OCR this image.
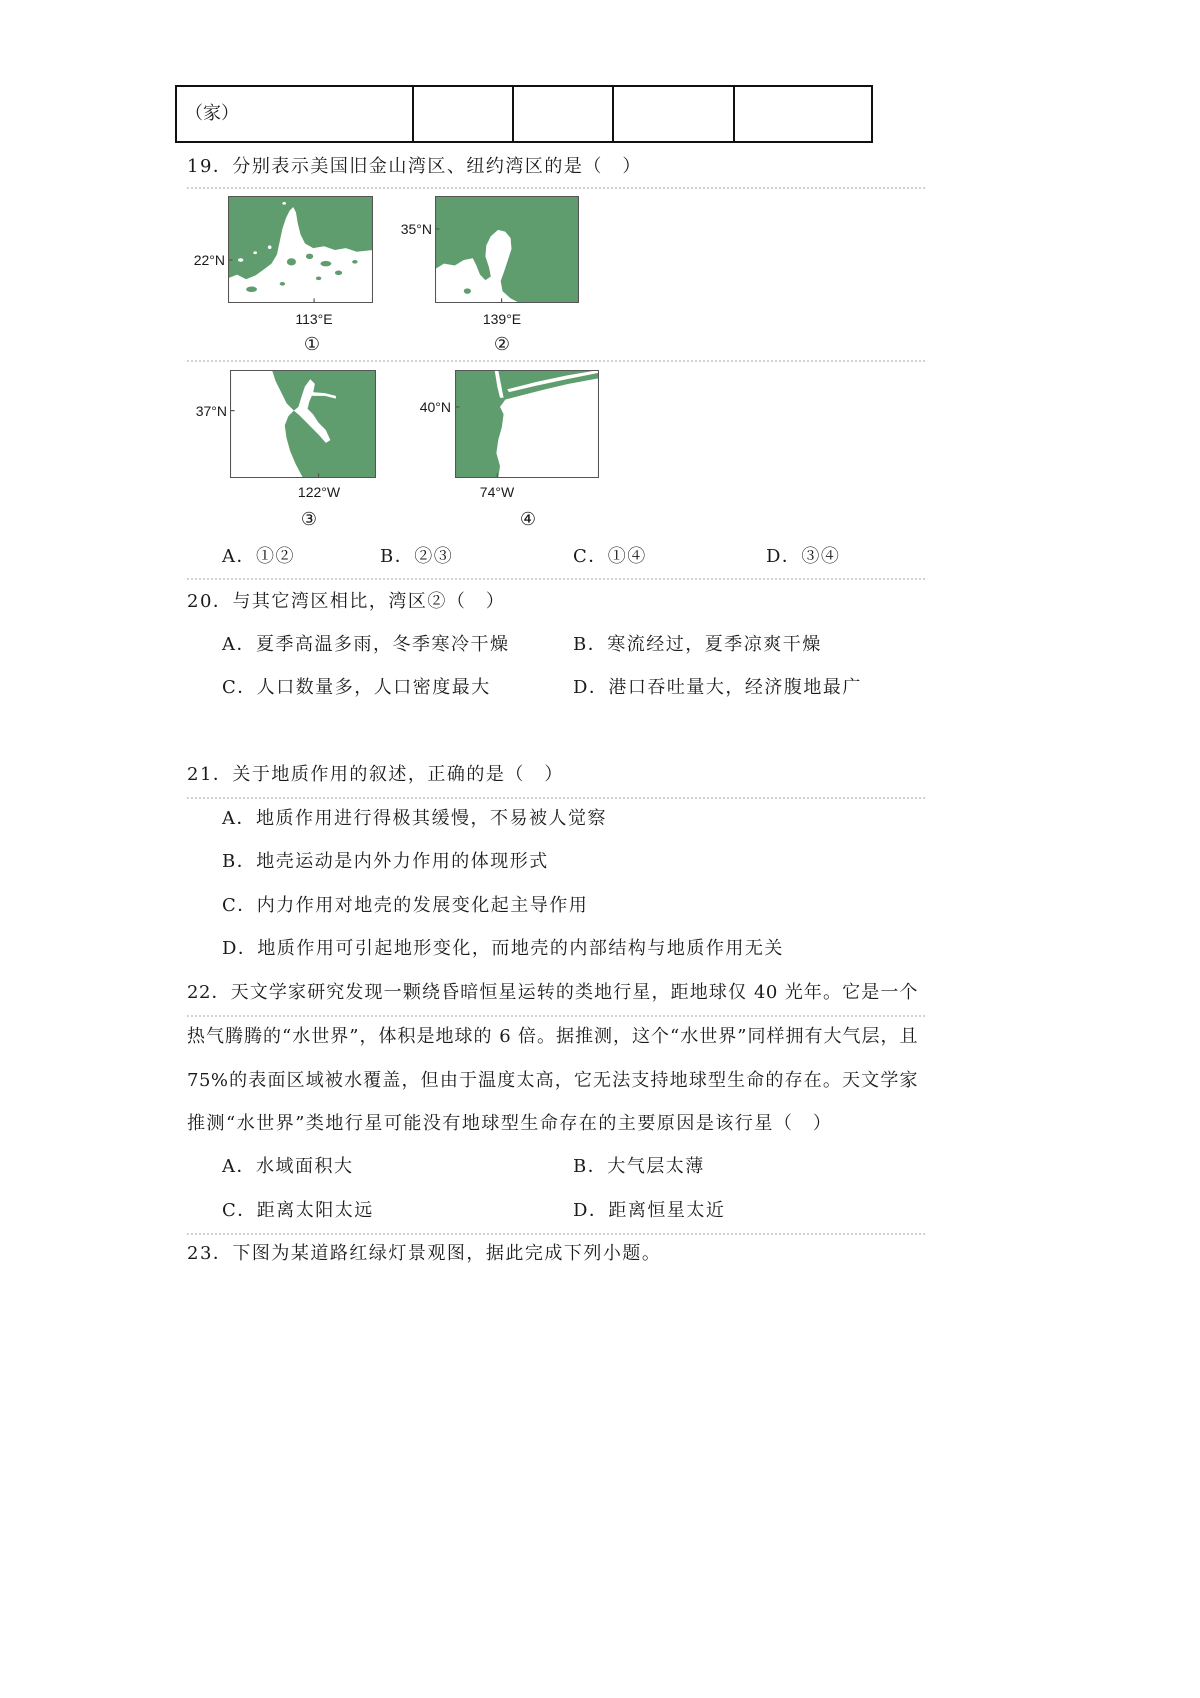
（家）
19．分别表示美国旧金山湾区、纽约湾区的是（　）
22°N
113°E
①
35°N
139°E
②
37°N
122°W
③
40°N
74°W
④
A．①②	B．②③	C．①④	D．③④
20．与其它湾区相比，湾区②（　）
A．夏季高温多雨，冬季寒冷干燥	B．寒流经过，夏季凉爽干燥
C．人口数量多，人口密度最大	D．港口吞吐量大，经济腹地最广
21．关于地质作用的叙述，正确的是（　）
A．地质作用进行得极其缓慢，不易被人觉察
B．地壳运动是内外力作用的体现形式
C．内力作用对地壳的发展变化起主导作用
D．地质作用可引起地形变化，而地壳的内部结构与地质作用无关
22．天文学家研究发现一颗绕昏暗恒星运转的类地行星，距地球仅 40 光年。它是一个
热气腾腾的“水世界”，体积是地球的 6 倍。据推测，这个“水世界”同样拥有大气层，且
75%的表面区域被水覆盖，但由于温度太高，它无法支持地球型生命的存在。天文学家
推测“水世界”类地行星可能没有地球型生命存在的主要原因是该行星（　）
A．水域面积大	B．大气层太薄
C．距离太阳太远	D．距离恒星太近
23．下图为某道路红绿灯景观图，据此完成下列小题。
